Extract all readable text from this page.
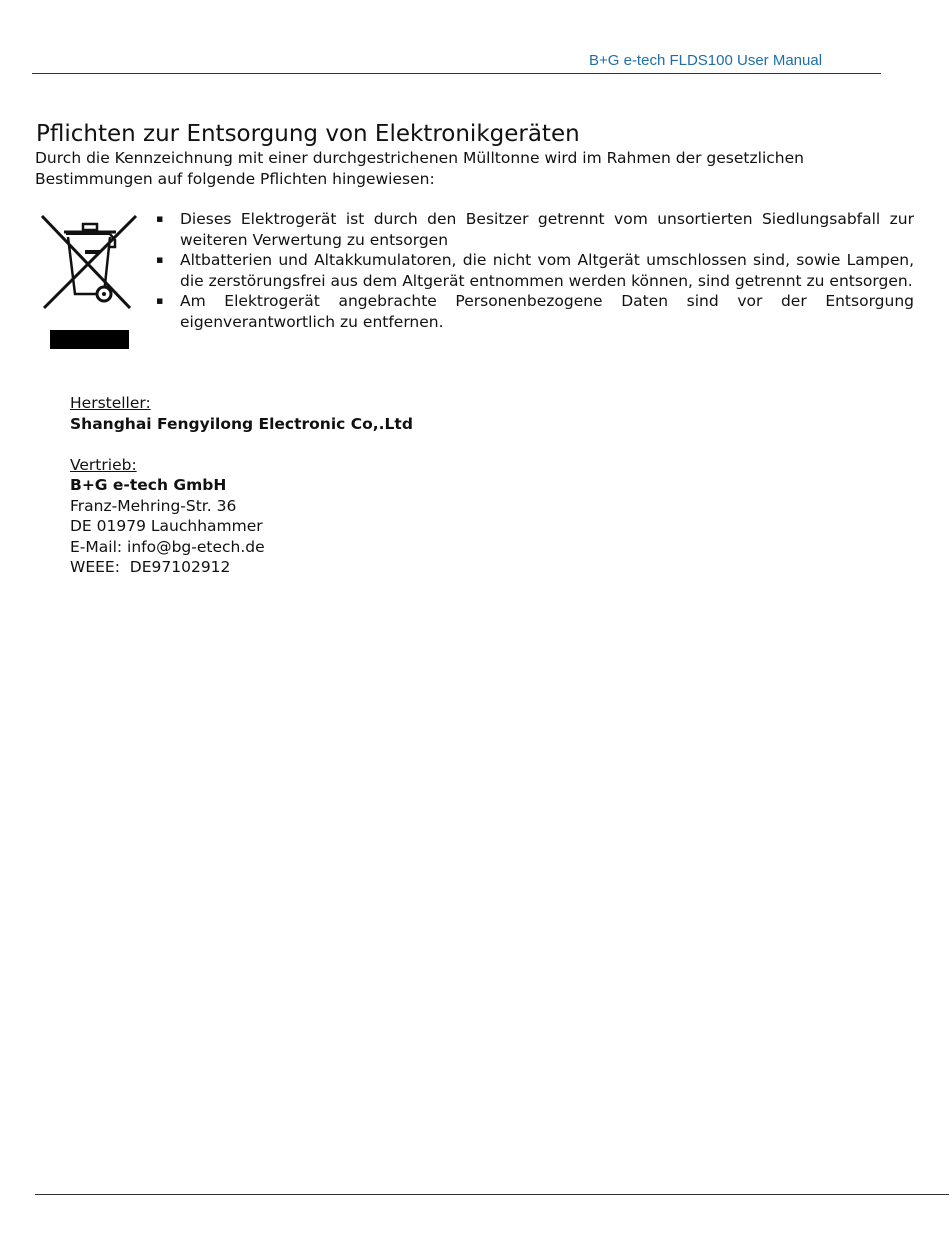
B+G e-tech FLDS100 User Manual
Pflichten zur Entsorgung von Elektronikgeräten

Durch die Kennzeichnung mit einer durchgestrichenen Mülltonne wird im Rahmen der gesetzlichen
Bestimmungen auf folgende Pflichten hingewiesen:

▪ Dieses Elektrogerät ist durch den Besitzer getrennt vom unsortierten Siedlungsabfall zur weiteren Verwertung zu entsorgen
▪ Altbatterien und Altakkumulatoren, die nicht vom Altgerät umschlossen sind, sowie Lampen, die zerstörungsfrei aus dem Altgerät entnommen werden können, sind getrennt zu entsorgen.
▪ Am Elektrogerät angebrachte Personenbezogene Daten sind vor der Entsorgung eigenverantwortlich zu entfernen.
Hersteller:
Shanghai Fengyilong Electronic Co,.Ltd
Vertrieb:
B+G e-tech GmbH
Franz-Mehring-Str. 36
DE 01979 Lauchhammer
E-Mail: info@bg-etech.de
WEEE:  DE97102912
